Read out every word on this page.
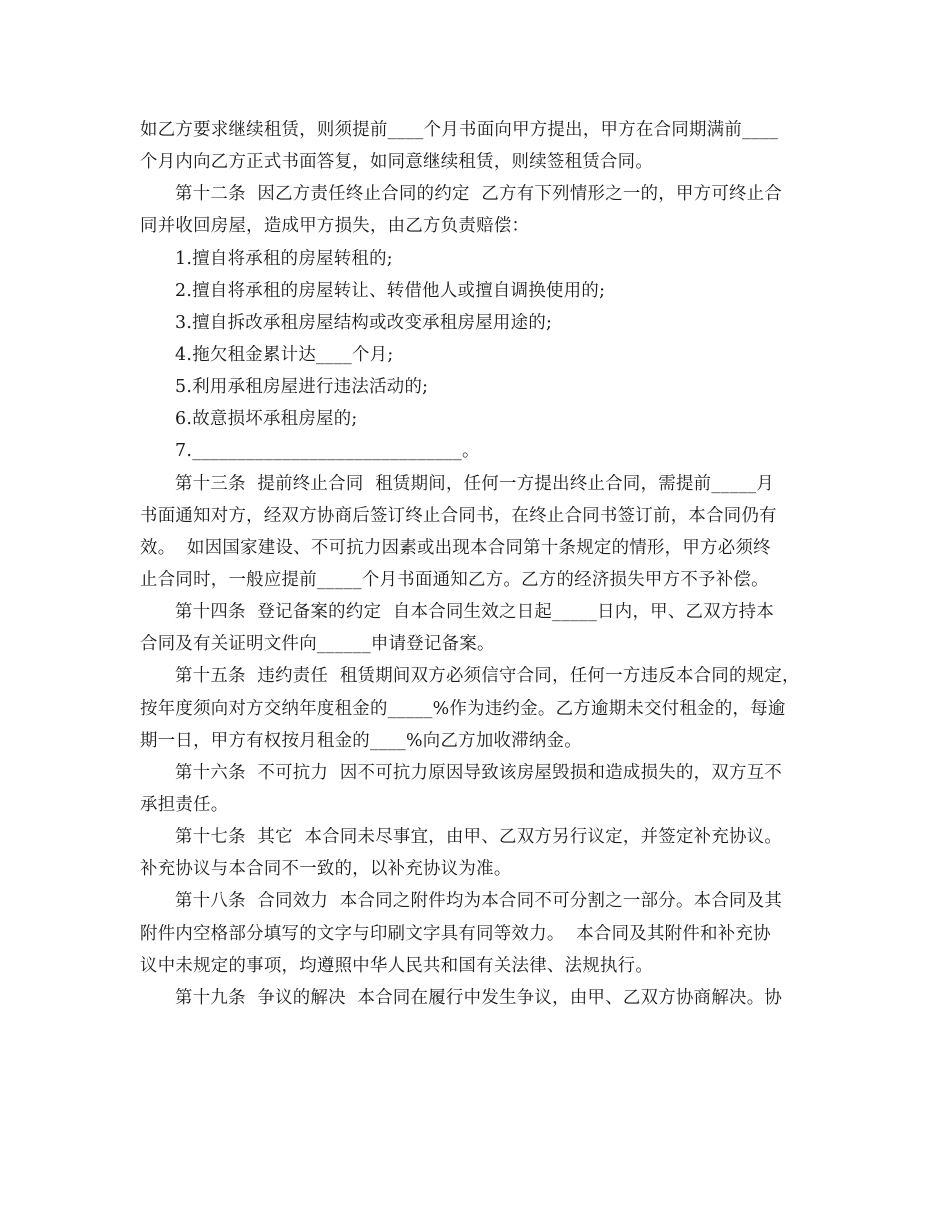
如乙方要求继续租赁，则须提前____个月书面向甲方提出，甲方在合同期满前____
个月内向乙方正式书面答复，如同意继续租赁，则续签租赁合同。
第十二条  因乙方责任终止合同的约定  乙方有下列情形之一的，甲方可终止合
同并收回房屋，造成甲方损失，由乙方负责赔偿：
1.擅自将承租的房屋转租的;
2.擅自将承租的房屋转让、转借他人或擅自调换使用的;
3.擅自拆改承租房屋结构或改变承租房屋用途的;
4.拖欠租金累计达____个月;
5.利用承租房屋进行违法活动的;
6.故意损坏承租房屋的;
7.______________________________。
第十三条  提前终止合同  租赁期间，任何一方提出终止合同，需提前_____月
书面通知对方，经双方协商后签订终止合同书，在终止合同书签订前，本合同仍有
效。  如因国家建设、不可抗力因素或出现本合同第十条规定的情形，甲方必须终
止合同时，一般应提前_____个月书面通知乙方。乙方的经济损失甲方不予补偿。
第十四条  登记备案的约定  自本合同生效之日起_____日内，甲、乙双方持本
合同及有关证明文件向______申请登记备案。
第十五条  违约责任  租赁期间双方必须信守合同，任何一方违反本合同的规定，
按年度须向对方交纳年度租金的_____%作为违约金。乙方逾期未交付租金的，每逾
期一日，甲方有权按月租金的____%向乙方加收滞纳金。
第十六条  不可抗力  因不可抗力原因导致该房屋毁损和造成损失的，双方互不
承担责任。
第十七条  其它  本合同未尽事宜，由甲、乙双方另行议定，并签定补充协议。
补充协议与本合同不一致的，以补充协议为准。
第十八条  合同效力  本合同之附件均为本合同不可分割之一部分。本合同及其
附件内空格部分填写的文字与印刷文字具有同等效力。  本合同及其附件和补充协
议中未规定的事项，均遵照中华人民共和国有关法律、法规执行。
第十九条  争议的解决  本合同在履行中发生争议，由甲、乙双方协商解决。协
